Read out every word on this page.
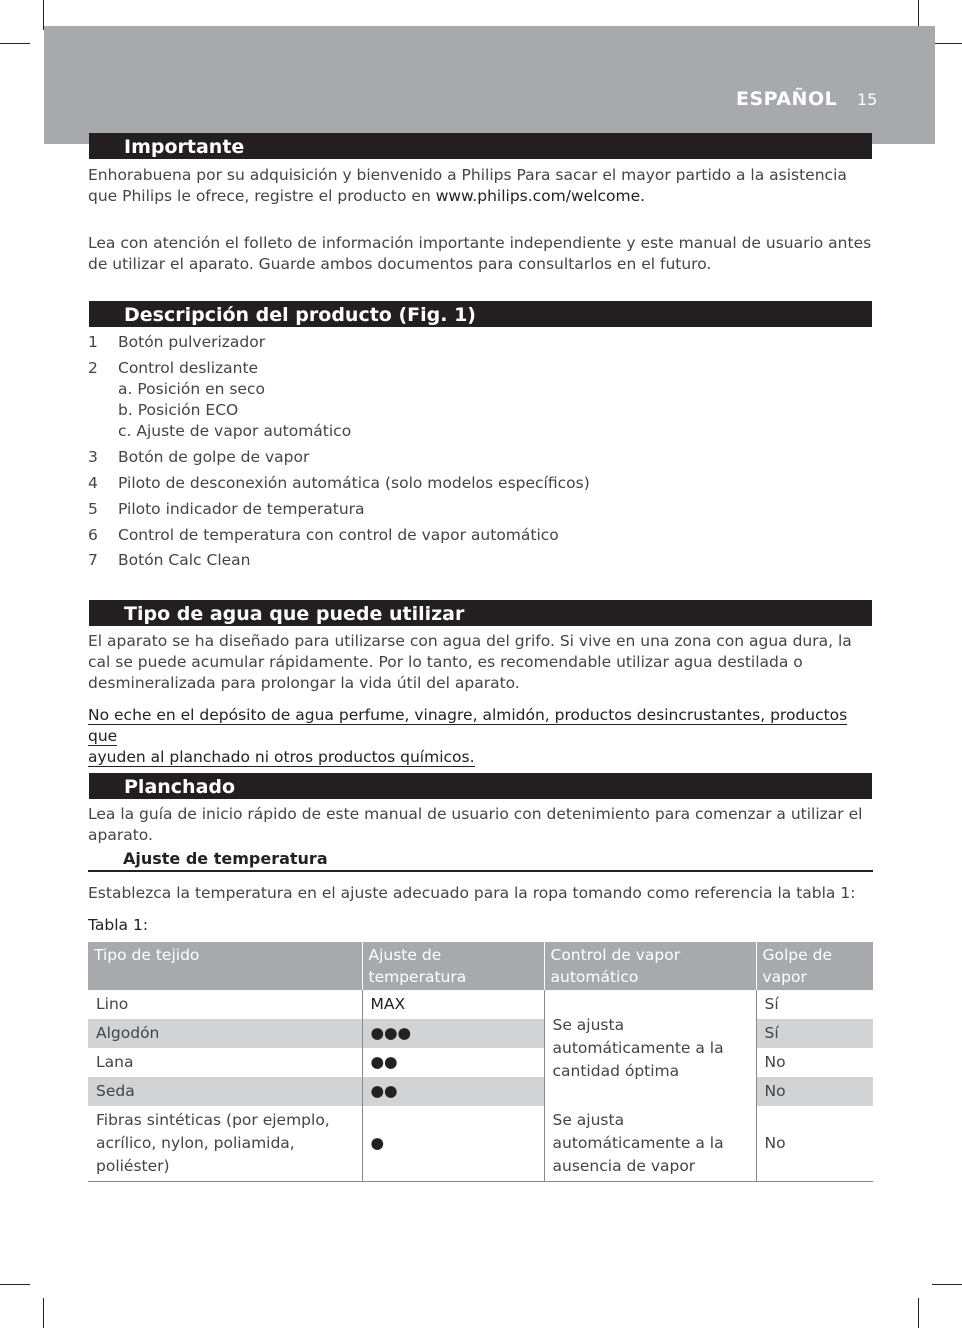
ESPAÑOL 15
Importante
Enhorabuena por su adquisición y bienvenido a Philips Para sacar el mayor partido a la asistencia que Philips le ofrece, registre el producto en www.philips.com/welcome.
Lea con atención el folleto de información importante independiente y este manual de usuario antes de utilizar el aparato. Guarde ambos documentos para consultarlos en el futuro.
Descripción del producto (Fig. 1)
1	Botón pulverizador
2	Control deslizante
a. Posición en seco
b. Posición ECO
c. Ajuste de vapor automático
3	Botón de golpe de vapor
4	Piloto de desconexión automática (solo modelos específicos)
5	Piloto indicador de temperatura
6	Control de temperatura con control de vapor automático
7	Botón Calc Clean
Tipo de agua que puede utilizar
El aparato se ha diseñado para utilizarse con agua del grifo. Si vive en una zona con agua dura, la cal se puede acumular rápidamente. Por lo tanto, es recomendable utilizar agua destilada o desmineralizada para prolongar la vida útil del aparato.
No eche en el depósito de agua perfume, vinagre, almidón, productos desincrustantes, productos que
ayuden al planchado ni otros productos químicos.
Planchado
Lea la guía de inicio rápido de este manual de usuario con detenimiento para comenzar a utilizar el aparato.
Ajuste de temperatura
Establezca la temperatura en el ajuste adecuado para la ropa tomando como referencia la tabla 1:
Tabla 1:
Tipo de tejido	Ajuste de temperatura	Control de vapor automático	Golpe de vapor
Lino	MAX	Se ajusta automáticamente a la cantidad óptima	Sí
Algodón	●●●		Sí
Lana	●●		No
Seda	●●		No
Fibras sintéticas (por ejemplo, acrílico, nylon, poliamida, poliéster)	●	Se ajusta automáticamente a la ausencia de vapor	No
